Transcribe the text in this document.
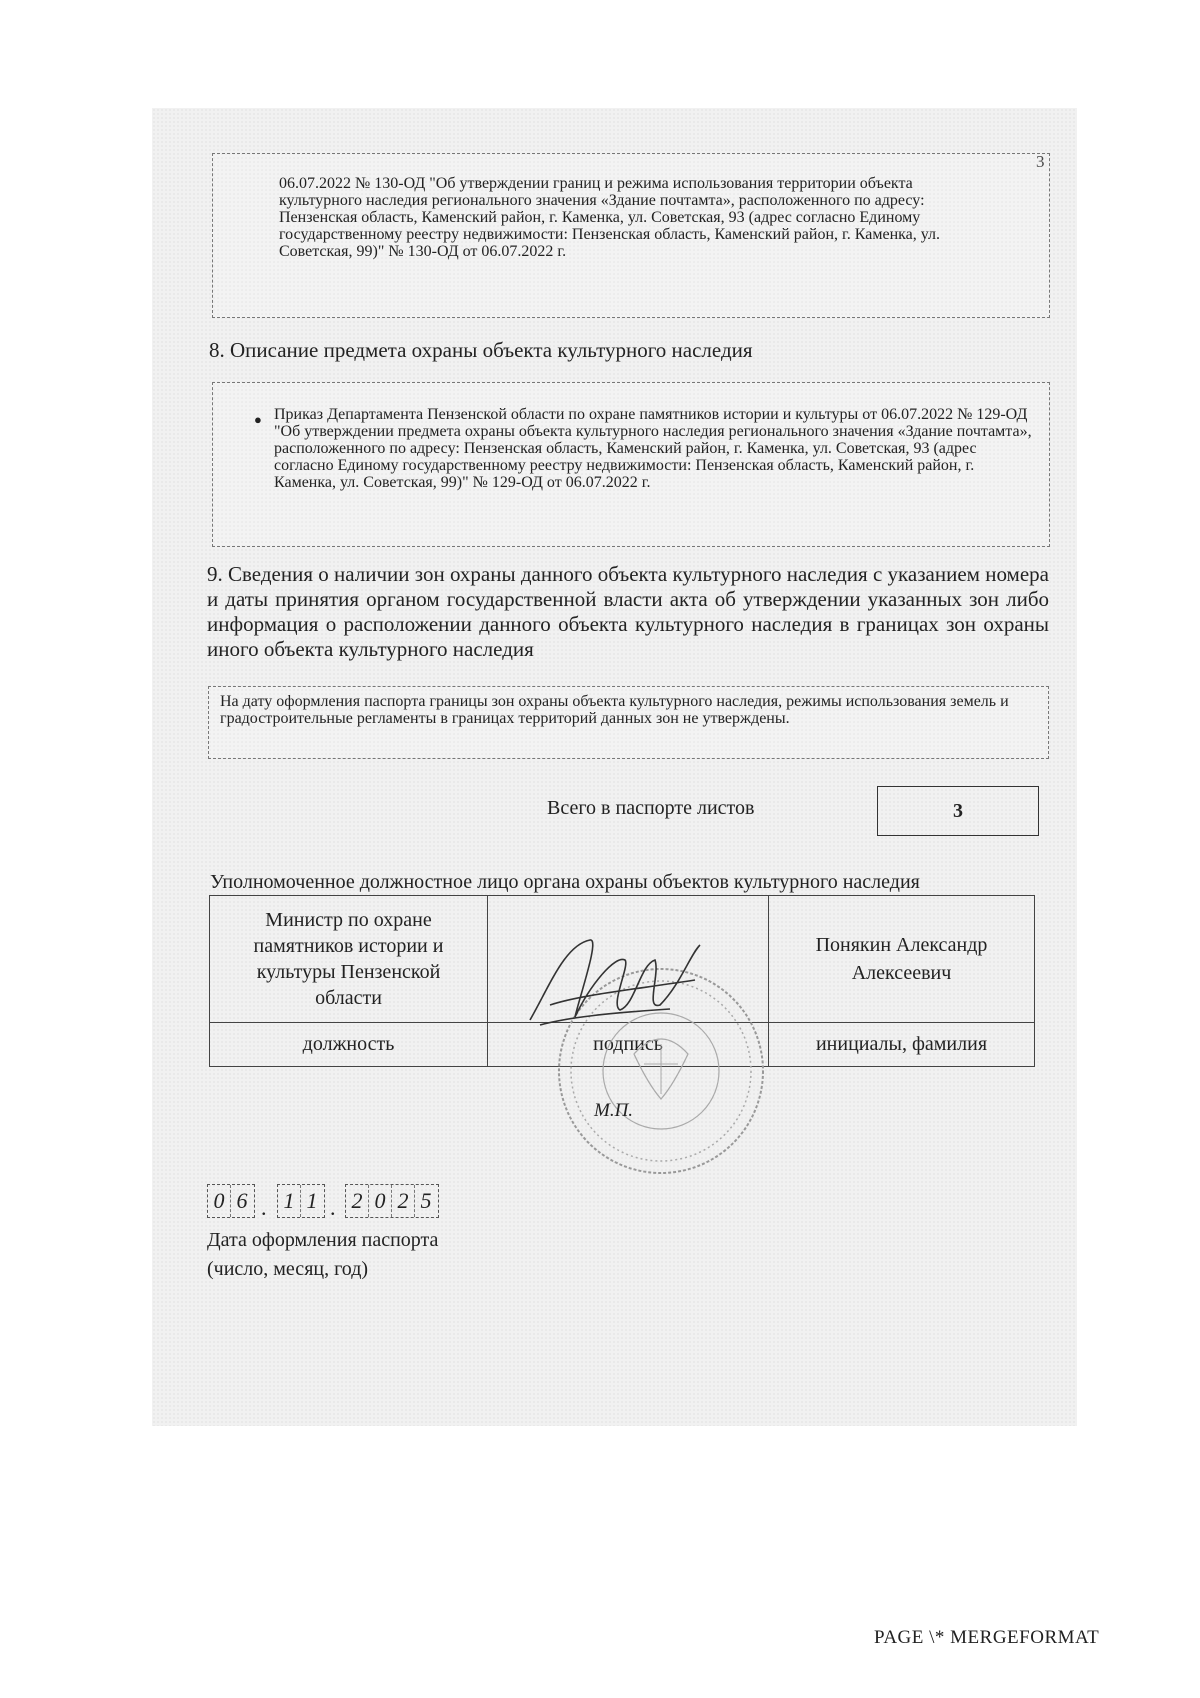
3
06.07.2022 № 130-ОД "Об утверждении границ и режима использования территории объекта культурного наследия регионального значения «Здание почтамта», расположенного по адресу: Пензенская область, Каменский район, г. Каменка, ул. Советская, 93 (адрес согласно Единому государственному реестру недвижимости: Пензенская область, Каменский район, г. Каменка, ул. Советская, 99)" № 130-ОД от 06.07.2022 г.
8. Описание предмета охраны объекта культурного наследия
● Приказ Департамента Пензенской области по охране памятников истории и культуры от 06.07.2022 № 129-ОД "Об утверждении предмета охраны объекта культурного наследия регионального значения «Здание почтамта», расположенного по адресу: Пензенская область, Каменский район, г. Каменка, ул. Советская, 93 (адрес согласно Единому государственному реестру недвижимости: Пензенская область, Каменский район, г. Каменка, ул. Советская, 99)" № 129-ОД от 06.07.2022 г.
9. Сведения о наличии зон охраны данного объекта культурного наследия с указанием номера и даты принятия органом государственной власти акта об утверждении указанных зон либо информация о расположении данного объекта культурного наследия в границах зон охраны иного объекта культурного наследия
На дату оформления паспорта границы зон охраны объекта культурного наследия, режимы использования земель и градостроительные регламенты в границах территорий данных зон не утверждены.
Всего в паспорте листов	3
Уполномоченное должностное лицо органа охраны объектов культурного наследия
Министр по охране памятников истории и культуры Пензенской области		Понякин Александр Алексеевич

должность	подпись	инициалы, фамилия
М.П.
0 6 . 1 1 . 2 0 2 5
Дата оформления паспорта
(число, месяц, год)
PAGE \* MERGEFORMAT
